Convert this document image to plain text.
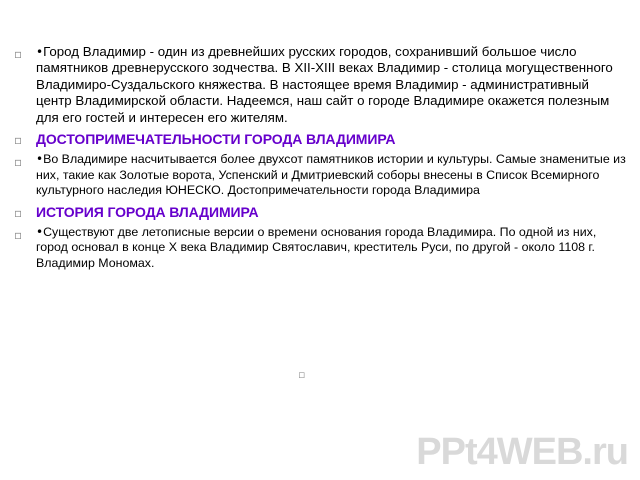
▫	•Город Владимир - один из древнейших русских городов, сохранивший большое число памятников древнерусского зодчества. В XII-XIII веках Владимир - столица могущественного Владимиро-Суздальского княжества. В настоящее время Владимир - административный центр Владимирской области. Надеемся, наш сайт о городе Владимире окажется полезным для его гостей и интересен его жителям.
▫ ДОСТОПРИМЕЧАТЕЛЬНОСТИ ГОРОДА ВЛАДИМИРА
▫	•Во Владимире насчитывается более двухсот памятников истории и культуры. Самые знаменитые из них, такие как Золотые ворота, Успенский и Дмитриевский соборы внесены в Список Всемирного культурного наследия ЮНЕСКО. Достопримечательности города Владимира
▫ ИСТОРИЯ ГОРОДА ВЛАДИМИРА
▫	•Существуют две летописные версии о времени основания города Владимира. По одной из них, город основал в конце X века Владимир Святославич, креститель Руси, по другой - около 1108 г. Владимир Мономах.
▫
PPt4WEB.ru
